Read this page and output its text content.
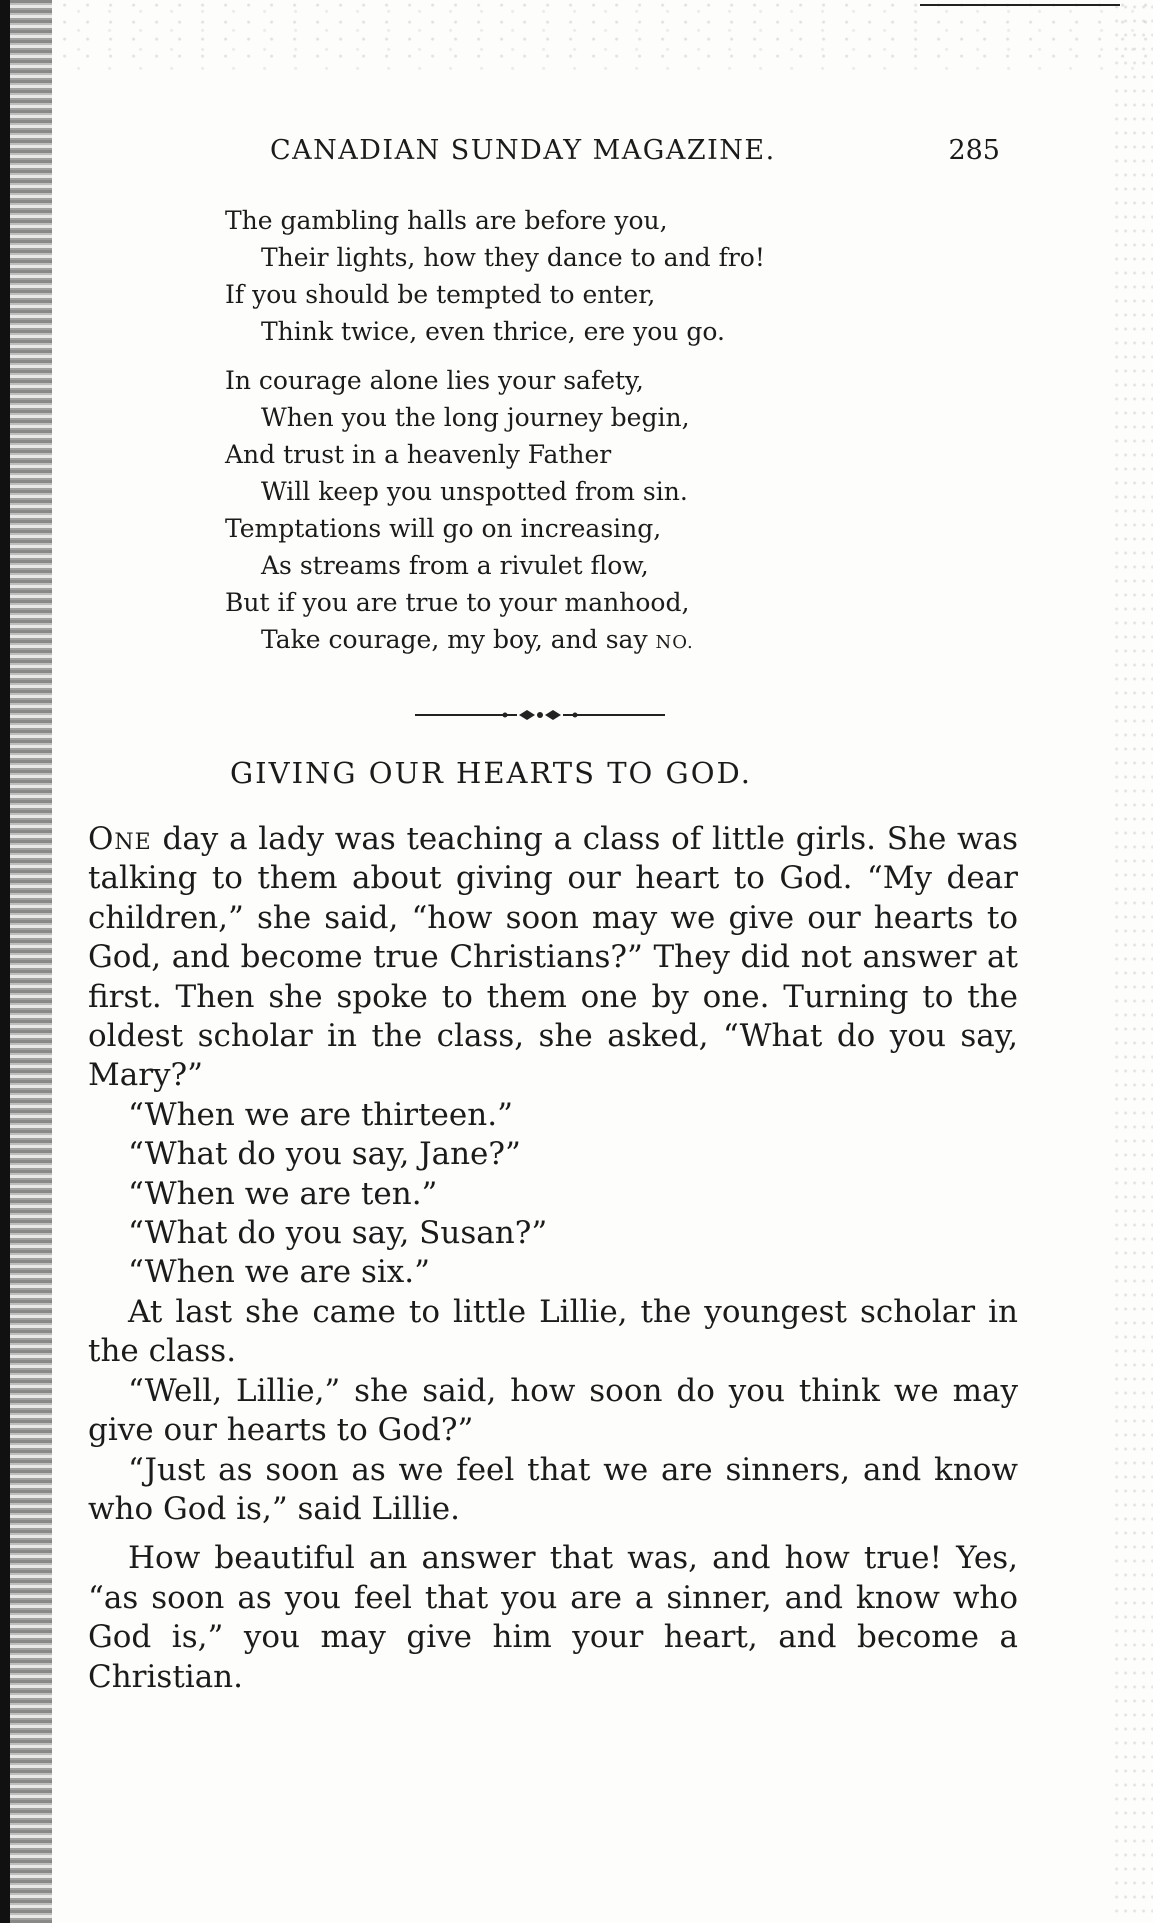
CANADIAN SUNDAY MAGAZINE.	285
The gambling halls are before you,
Their lights, how they dance to and fro!
If you should be tempted to enter,
Think twice, even thrice, ere you go.
In courage alone lies your safety,
When you the long journey begin,
And trust in a heavenly Father
Will keep you unspotted from sin.
Temptations will go on increasing,
As streams from a rivulet flow,
But if you are true to your manhood,
Take courage, my boy, and say NO.
GIVING OUR HEARTS TO GOD.

One day a lady was teaching a class of little girls. She was talking to them about giving our heart to God. “My dear children,” she said, “how soon may we give our hearts to God, and become true Christians?” They did not answer at first. Then she spoke to them one by one. Turning to the oldest scholar in the class, she asked, “What do you say, Mary?”

“When we are thirteen.”

“What do you say, Jane?”

“When we are ten.”

“What do you say, Susan?”

“When we are six.”

At last she came to little Lillie, the youngest scholar in the class.

“Well, Lillie,” she said, how soon do you think we may give our hearts to God?”

“Just as soon as we feel that we are sinners, and know who God is,” said Lillie.

How beautiful an answer that was, and how true! Yes, “as soon as you feel that you are a sinner, and know who God is,” you may give him your heart, and become a Christian.
